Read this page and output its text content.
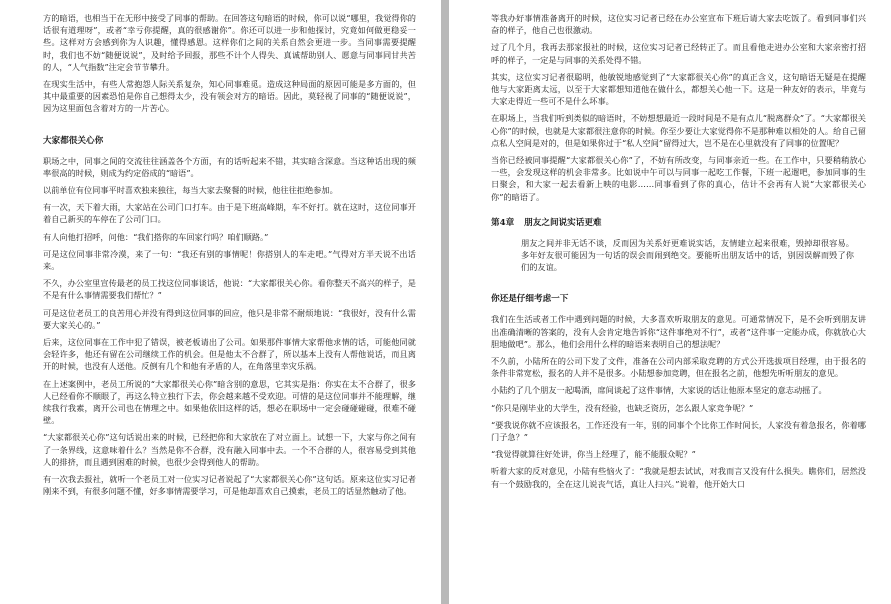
方的暗语，也相当于在无形中接受了同事的帮助。在回答这句暗语的时候，你可以说“哪里，我觉得你的话很有道理呀”，或者“幸亏你提醒，真的很感谢你”。你还可以进一步和他探讨，究竟如何做更稳妥一些。这样对方会感到你为人识趣，懂得感恩。这样你们之间的关系自然会更进一步。当同事需要提醒时，我们也不妨“随便说说”，及时给予回报，那些不计个人得失、真诚帮助别人、愿意与同事同甘共苦的人，“人气指数”注定会节节攀升。

在现实生活中，有些人常抱怨人际关系复杂，知心同事难觅。造成这种局面的原因可能是多方面的，但其中最重要的因素恐怕是你自己想得太少，没有领会对方的暗语。因此，莫轻视了同事的“随便说说”，因为这里面包含着对方的一片苦心。

大家都很关心你

职场之中，同事之间的交流往往涵盖各个方面，有的话听起来不错，其实暗含深意。当这种话出现的频率很高的时候，则成为约定俗成的“暗语”。

以前单位有位同事平时喜欢独来独往，每当大家去聚餐的时候，他往往拒绝参加。

有一次，天下着大雨，大家站在公司门口打车。由于是下班高峰期，车不好打。就在这时，这位同事开着自己新买的车停在了公司门口。

有人向他打招呼，问他：“我们搭你的车回家行吗？咱们顺路。”

可是这位同事非常冷漠，来了一句：“我还有别的事情呢！你搭别人的车走吧。”气得对方半天说不出话来。

不久，办公室里宣传最老的员工找这位同事谈话，他说：“大家都很关心你。看你整天不高兴的样子，是不是有什么事情需要我们帮忙？”

可是这位老员工的良苦用心并没有得到这位同事的回应，他只是非常不耐烦地说：“我很好，没有什么需要大家关心的。”

后来，这位同事在工作中犯了错误，被老板请出了公司。如果那件事情大家帮他求情的话，可能他同就会轻许多，他还有留在公司继续工作的机会。但是他太不合群了，所以基本上没有人帮他说话，而且离开的时候，也没有人送他。反倒有几个和他有矛盾的人，在角落里幸灾乐祸。

在上述案例中，老员工所说的“大家都很关心你”暗含别的意思，它其实是指：你实在太不合群了，很多人已经看你不顺眼了，再这么特立独行下去，你会越来越不受欢迎。可惜的是这位同事并不能理解，继续我行我素，离开公司也在情理之中。如果他依旧这样的话，想必在职场中一定会碰碰碰碰，很难不碰壁。

“大家都很关心你”这句话说出来的时候，已经把你和大家放在了对立面上。试想一下，大家与你之间有了一条界线，这意味着什么？当然是你不合群，没有融入同事中去。一个不合群的人，很容易受到其他人的排挤，而且遇到困难的时候，也很少会得到他人的帮助。

有一次我去报社，就听一个老员工对一位实习记者说起了“大家都很关心你”这句话。原来这位实习记者刚来不到，有很多问题不懂，好多事情需要学习，可是他却喜欢自己摸索，老员工的话显然触动了他。

等我办好事情准备离开的时候，这位实习记者已经在办公室宣布下班后请大家去吃饭了。看到同事们兴奋的样子，他自己也很激动。

过了几个月，我再去那家报社的时候，这位实习记者已经转正了。而且看他走进办公室和大家亲密打招呼的样子，一定是与同事的关系处得不错。

其实，这位实习记者很聪明，他敏锐地感觉到了“大家都很关心你”的真正含义，这句暗语无疑是在提醒他与大家距离太远，以至于大家都想知道他在做什么，都想关心他一下。这是一种友好的表示，毕竟与大家走得近一些可不是什么坏事。

在职场上，当我们听到类似的暗语时，不妨想想最近一段时间是不是有点儿“脱离群众”了。“大家都很关心你”的时候，也就是大家都很注意你的时候。你至少要让大家觉得你不是那种难以相处的人。给自己留点私人空间是对的，但是如果你过于“私人空间”留得过大，岂不是在心里就没有了同事的位置呢？

当你已经被同事提醒“大家都很关心你”了，不妨有所改变，与同事亲近一些。在工作中，只要稍稍放心一些，会发现这样的机会非常多。比如说中午可以与同事一起吃工作餐，下班一起遛吧，参加同事的生日聚会，和大家一起去看新上映的电影……同事看到了你的真心，估计不会再有人说“大家都很关心你”的暗语了。

第4章 朋友之间说实话更难
朋友之间并非无话不谈，反而因为关系好更难说实话，友情建立起来很难，毁掉却很容易。多年好友很可能因为一句话的误会而闹到绝交。要能听出朋友话中的话，别因误解而毁了你们的友谊。
你还是仔细考虑一下

我们在生活或者工作中遇到问题的时候，大多喜欢听取朋友的意见。可通常情况下，是不会听到朋友讲出准确清晰的答案的，没有人会肯定地告诉你“这件事绝对不行”，或者“这件事一定能办成，你就放心大胆地做吧”。那么，他们会用什么样的暗语来表明自己的想法呢？

不久前，小陆所在的公司下发了文件，准备在公司内部采取竞聘的方式公开选拔项目经理，由于报名的条件非常宽松，报名的人并不是很多。小陆想参加竞聘，但在报名之前，他想先听听朋友的意见。

小陆约了几个朋友一起喝酒，席间谈起了这件事情，大家说的话让他原本坚定的意志动摇了。

“你只是刚毕业的大学生，没有经验，也缺乏资历，怎么跟人家竞争呢？”

“要我说你就不应该报名，工作还没有一年，别的同事个个比你工作时间长，人家没有着急报名，你着哪门子急？”

“我觉得就算往好处讲，你当上经理了，能不能服众呢？”

听着大家的反对意见，小陆有些恼火了：“我就是想去试试，对我而言又没有什么损失。瞧你们，居然没有一个鼓励我的，全在这儿说丧气话，真让人扫兴。”说着，他开始大口
